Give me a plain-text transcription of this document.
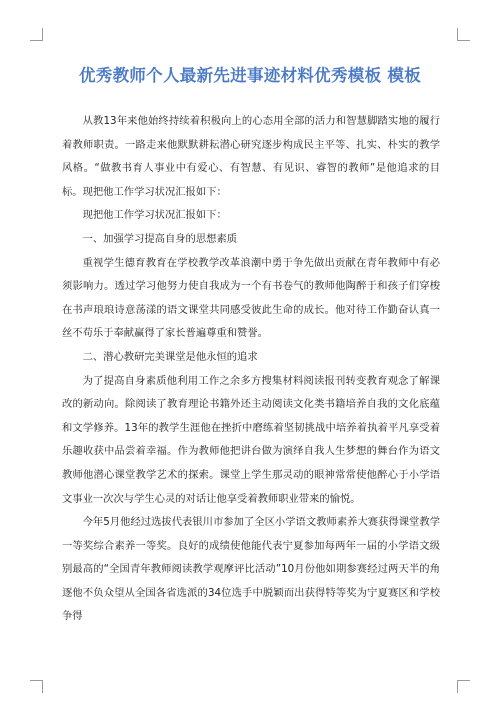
优秀教师个人最新先进事迹材料优秀模板 模板

从教13年来他始终持续着积极向上的心态用全部的活力和智慧脚踏实地的履行着教师职责。一路走来他默默耕耘潜心研究逐步构成民主平等、扎实、朴实的教学风格。“做教书育人事业中有爱心、有智慧、有见识、睿智的教师”是他追求的目标。现把他工作学习状况汇报如下：

现把他工作学习状况汇报如下：

一、加强学习提高自身的思想素质

重视学生德育教育在学校教学改革浪潮中勇于争先做出贡献在青年教师中有必须影响力。透过学习他努力使自我成为一个有书卷气的教师他陶醉于和孩子们穿梭在书声琅琅诗意荡漾的语文课堂共同感受彼此生命的成长。他对待工作勤奋认真一丝不苟乐于奉献赢得了家长普遍尊重和赞誉。

二、潜心教研完美课堂是他永恒的追求

为了提高自身素质他利用工作之余多方搜集材料阅读报刊转变教育观念了解课改的新动向。除阅读了教育理论书籍外还主动阅读文化类书籍培养自我的文化底蕴和文学修养。13年的教学生涯他在挫折中磨练着坚韧挑战中培养着执着平凡享受着乐趣收获中品尝着幸福。作为教师他把讲台做为演绎自我人生梦想的舞台作为语文教师他潜心课堂教学艺术的探索。课堂上学生那灵动的眼神常常使他醉心于小学语文事业一次次与学生心灵的对话让他享受着教师职业带来的愉悦。

今年5月他经过选拔代表银川市参加了全区小学语文教师素养大赛获得课堂教学一等奖综合素养一等奖。良好的成绩使他能代表宁夏参加每两年一届的小学语文级别最高的“全国青年教师阅读教学观摩评比活动”10月份他如期参赛经过两天半的角逐他不负众望从全国各省选派的34位选手中脱颖而出获得特等奖为宁夏赛区和学校争得
